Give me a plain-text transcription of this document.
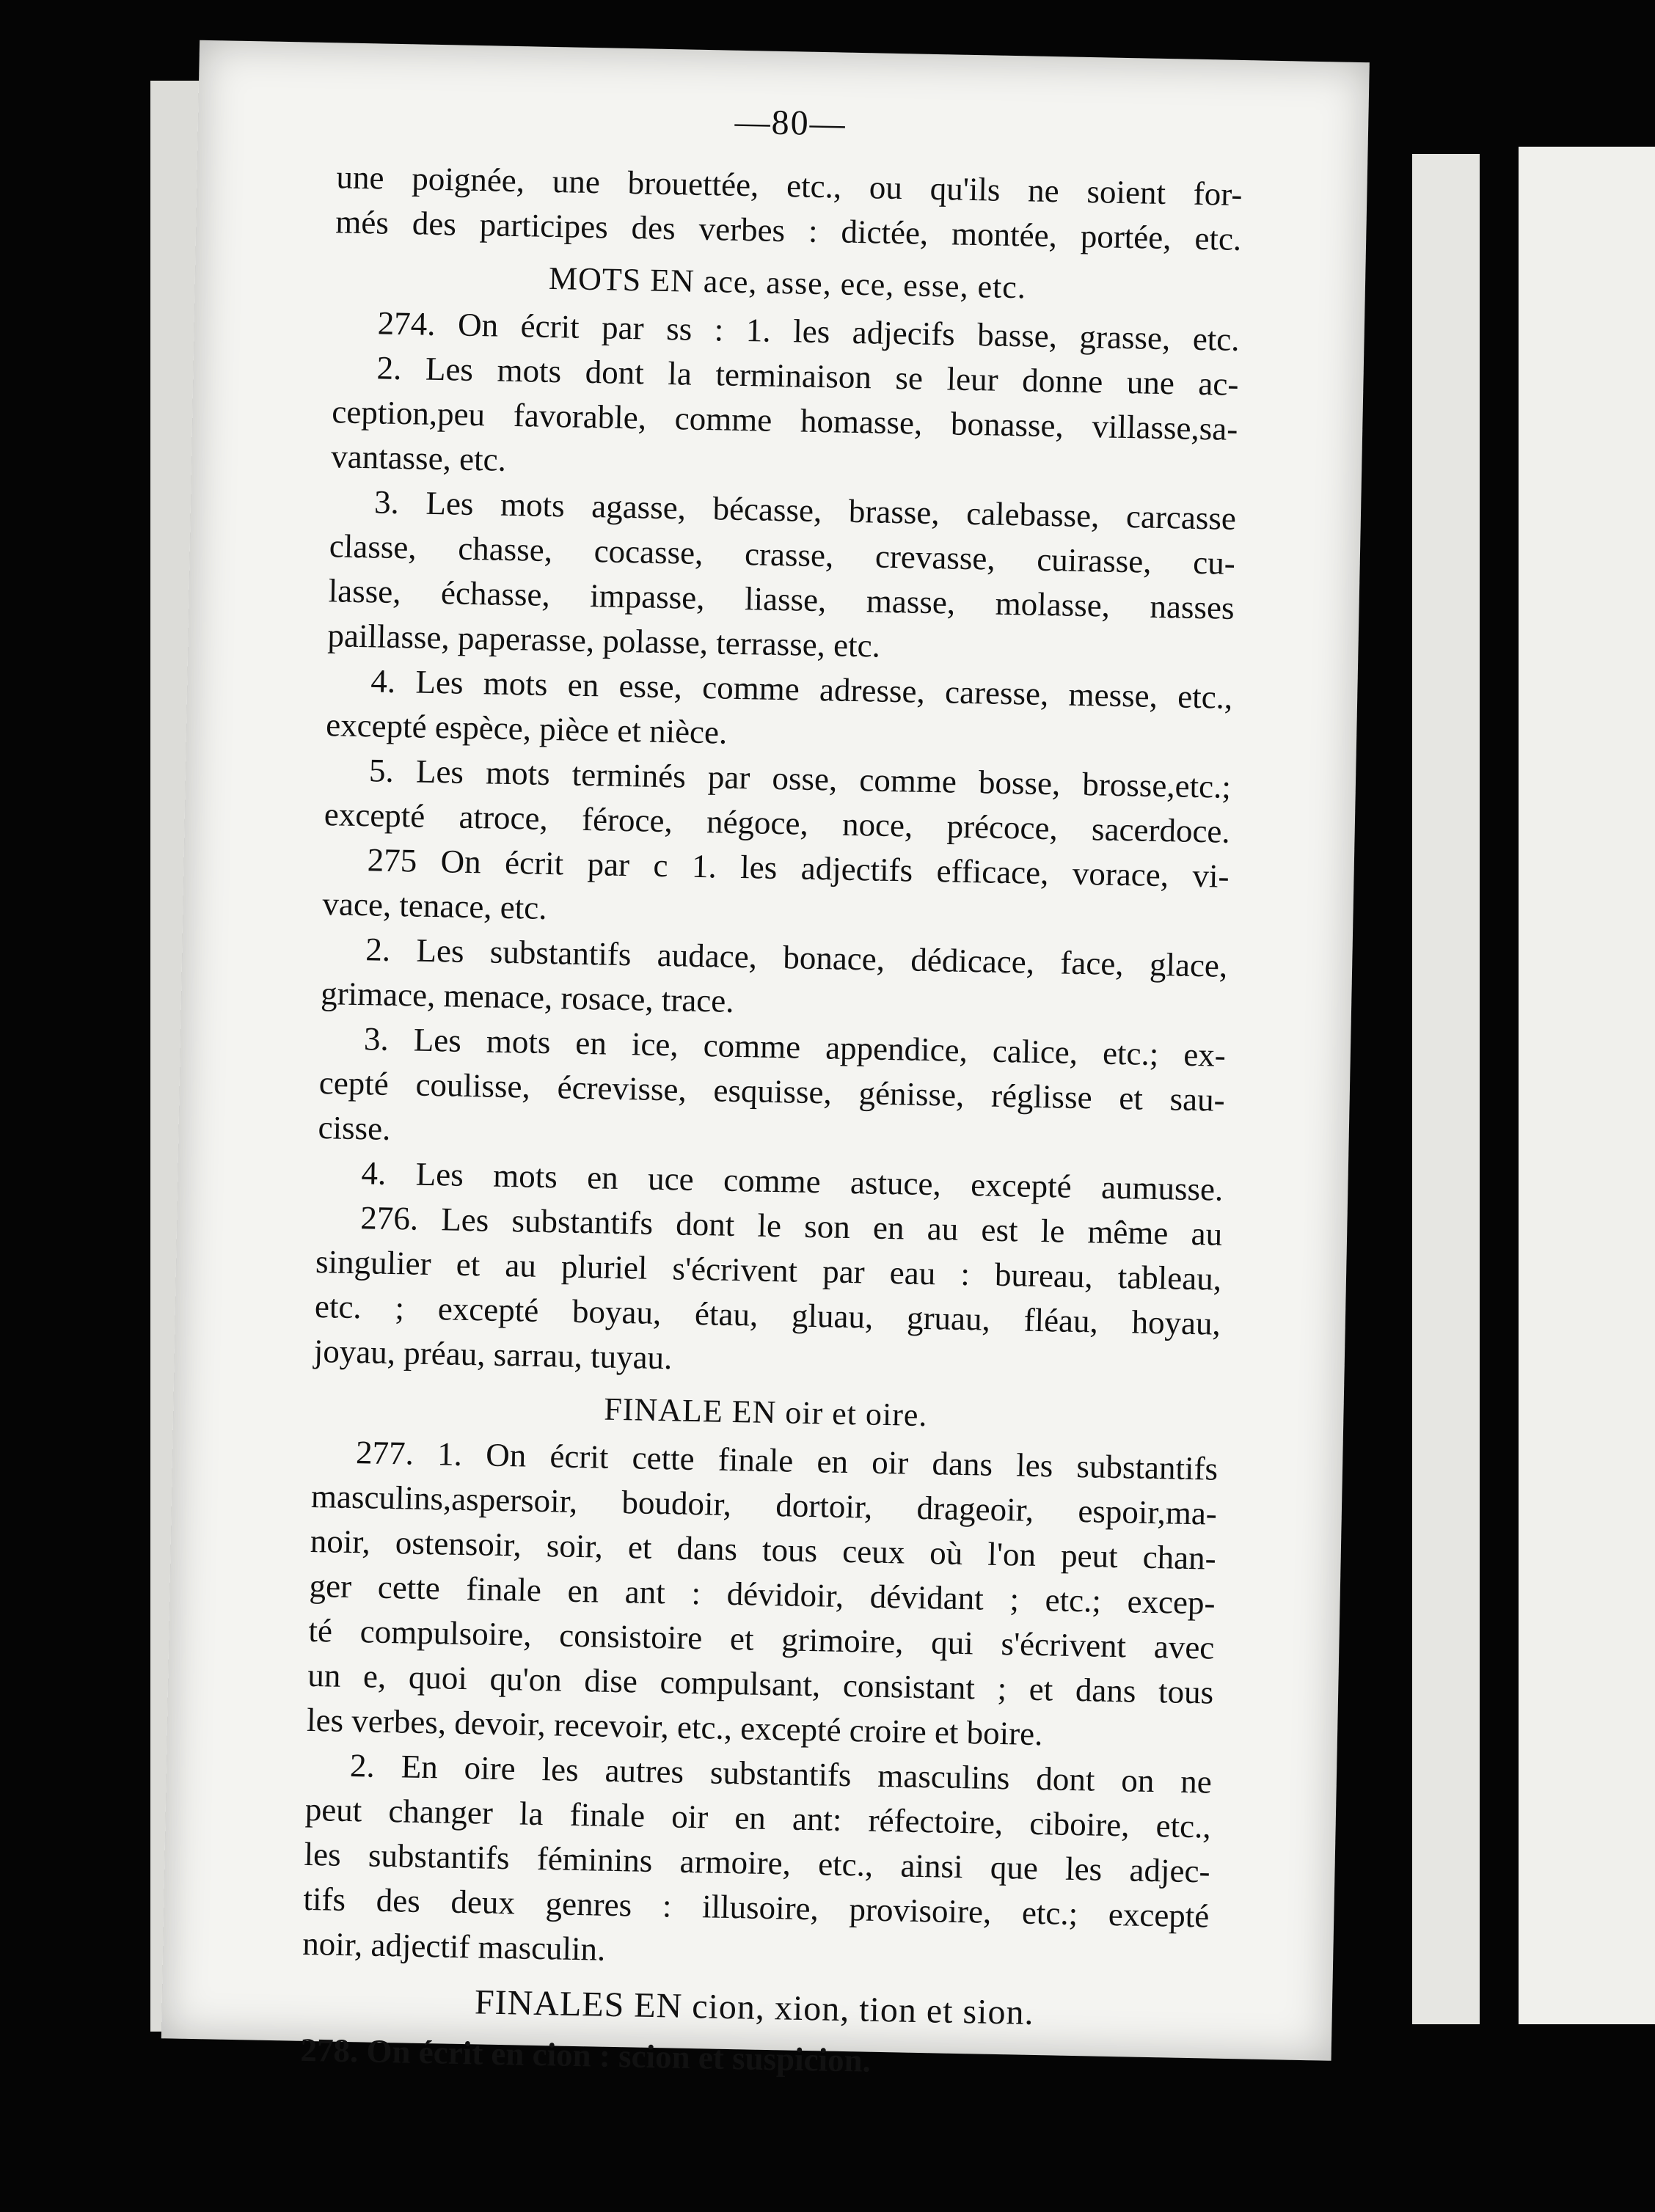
—80—
une poignée, une brouettée, etc., ou qu'ils ne soient for-
més des participes des verbes : dictée, montée, portée, etc.
MOTS EN ace, asse, ece, esse, etc.
274. On écrit par ss : 1. les adjecifs basse, grasse, etc.
2. Les mots dont la terminaison se leur donne une ac-
ception,peu favorable, comme homasse, bonasse, villasse,sa-
vantasse, etc.
3. Les mots agasse, bécasse, brasse, calebasse, carcasse
classe, chasse, cocasse, crasse, crevasse, cuirasse, cu-
lasse, échasse, impasse, liasse, masse, molasse, nasses
paillasse, paperasse, polasse, terrasse, etc.
4. Les mots en esse, comme adresse, caresse, messe, etc.,
excepté espèce, pièce et nièce.
5. Les mots terminés par osse, comme bosse, brosse,etc.;
excepté atroce, féroce, négoce, noce, précoce, sacerdoce.
275 On écrit par c 1. les adjectifs efficace, vorace, vi-
vace, tenace, etc.
2. Les substantifs audace, bonace, dédicace, face, glace,
grimace, menace, rosace, trace.
3. Les mots en ice, comme appendice, calice, etc.; ex-
cepté coulisse, écrevisse, esquisse, génisse, réglisse et sau-
cisse.
4. Les mots en uce comme astuce, excepté aumusse.
276. Les substantifs dont le son en au est le même au
singulier et au pluriel s'écrivent par eau : bureau, tableau,
etc. ; excepté boyau, étau, gluau, gruau, fléau, hoyau,
joyau, préau, sarrau, tuyau.
FINALE EN oir et oire.
277. 1. On écrit cette finale en oir dans les substantifs
masculins,aspersoir, boudoir, dortoir, drageoir, espoir,ma-
noir, ostensoir, soir, et dans tous ceux où l'on peut chan-
ger cette finale en ant : dévidoir, dévidant ; etc.; excep-
té compulsoire, consistoire et grimoire, qui s'écrivent avec
un e, quoi qu'on dise compulsant, consistant ; et dans tous
les verbes, devoir, recevoir, etc., excepté croire et boire.
2. En oire les autres substantifs masculins dont on ne
peut changer la finale oir en ant: réfectoire, ciboire, etc.,
les substantifs féminins armoire, etc., ainsi que les adjec-
tifs des deux genres : illusoire, provisoire, etc.; excepté
noir, adjectif masculin.
FINALES EN cion, xion, tion et sion.
278. On écrit en cion : scion et suspicion.
